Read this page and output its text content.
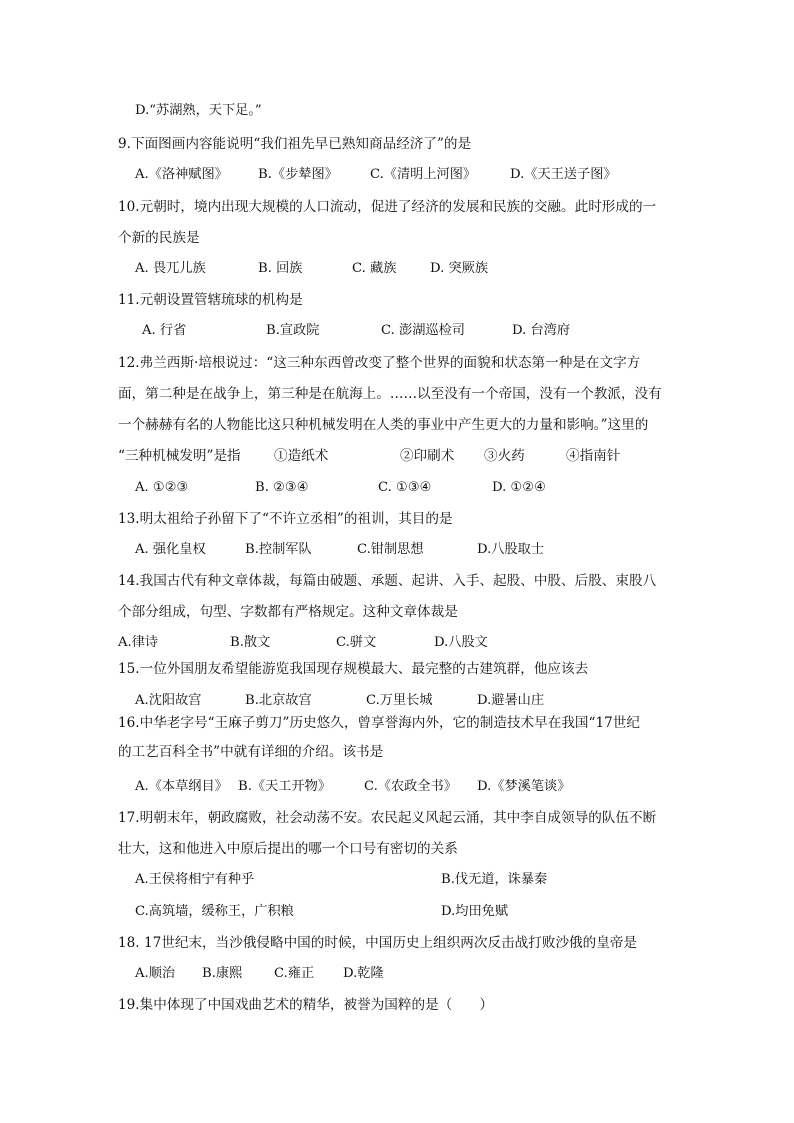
D.“苏湖熟，天下足。”
9.下面图画内容能说明“我们祖先早已熟知商品经济了”的是
A.《洛神赋图》 B.《步辇图》 C.《清明上河图》	D.《天王送子图》
10.元朝时，境内出现大规模的人口流动，促进了经济的发展和民族的交融。此时形成的一
个新的民族是
A. 畏兀儿族	B. 回族	C. 藏族	D. 突厥族
11.元朝设置管辖琉球的机构是
A. 行省	B.宣政院	C. 澎湖巡检司	D. 台湾府
12.弗兰西斯·培根说过：“这三种东西曾改变了整个世界的面貌和状态第一种是在文字方
面，第二种是在战争上，第三种是在航海上。……以至没有一个帝国，没有一个教派，没有
一个赫赫有名的人物能比这只种机械发明在人类的事业中产生更大的力量和影响。”这里的
“三种机械发明”是指 ①造纸术	②印刷术 ③火药	④指南针
A. ①②③	B. ②③④	C. ①③④	D. ①②④
13.明太祖给子孙留下了“不许立丞相”的祖训，其目的是
A. 强化皇权	B.控制军队	C.钳制思想	D.八股取士
14.我国古代有种文章体裁，每篇由破题、承题、起讲、入手、起股、中股、后股、束股八
个部分组成，句型、字数都有严格规定。这种文章体裁是
A.律诗	B.散文	C.骈文	D.八股文
15.一位外国朋友希望能游览我国现存规模最大、最完整的古建筑群，他应该去
A.沈阳故宫	B.北京故宫	C.万里长城	D.避暑山庄
16.中华老字号“王麻子剪刀”历史悠久，曾享誉海内外，它的制造技术早在我国“17世纪
的工艺百科全书”中就有详细的介绍。该书是
A.《本草纲目》 B.《天工开物》 C.《农政全书》 D.《梦溪笔谈》
17.明朝末年，朝政腐败，社会动荡不安。农民起义风起云涌，其中李自成领导的队伍不断
壮大，这和他进入中原后提出的哪一个口号有密切的关系
A.王侯将相宁有种乎	B.伐无道，诛暴秦
C.高筑墙，缓称王，广积粮	D.均田免赋
18. 17世纪末，当沙俄侵略中国的时候，中国历史上组织两次反击战打败沙俄的皇帝是
A.顺治 B.康熙 C.雍正 D.乾隆
19.集中体现了中国戏曲艺术的精华，被誉为国粹的是（　　）
